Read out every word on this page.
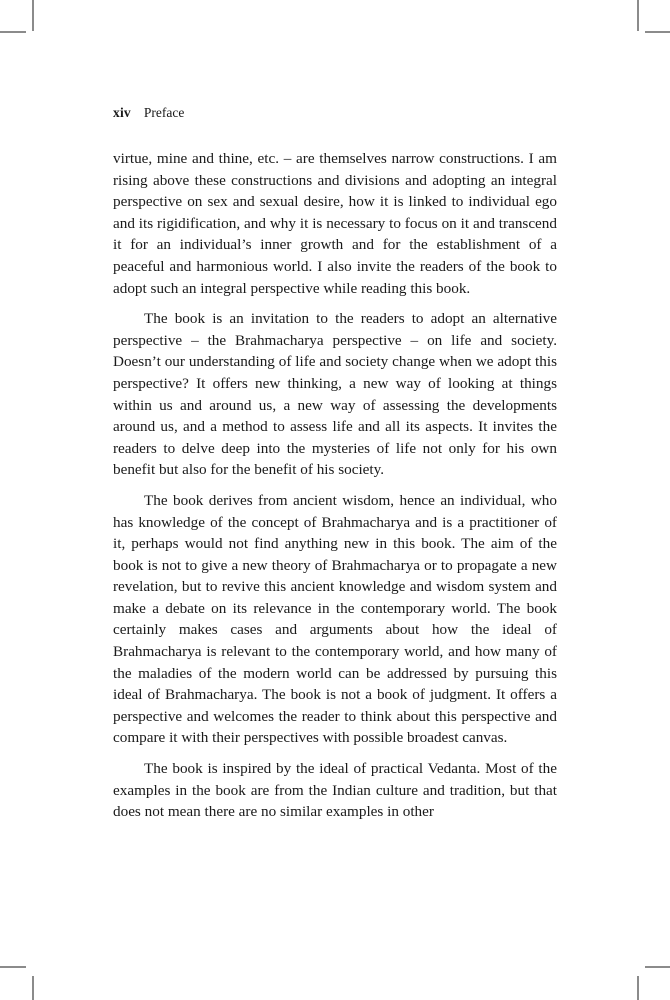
xiv Preface

virtue, mine and thine, etc. – are themselves narrow constructions. I am rising above these constructions and divisions and adopting an integral perspective on sex and sexual desire, how it is linked to individual ego and its rigidification, and why it is necessary to focus on it and transcend it for an individual’s inner growth and for the establishment of a peaceful and harmonious world. I also invite the readers of the book to adopt such an integral perspective while reading this book.

The book is an invitation to the readers to adopt an alternative perspective – the Brahmacharya perspective – on life and society. Doesn’t our understanding of life and society change when we adopt this perspective? It offers new thinking, a new way of looking at things within us and around us, a new way of assessing the developments around us, and a method to assess life and all its aspects. It invites the readers to delve deep into the mysteries of life not only for his own benefit but also for the benefit of his society.

The book derives from ancient wisdom, hence an individual, who has knowledge of the concept of Brahmacharya and is a practitioner of it, perhaps would not find anything new in this book. The aim of the book is not to give a new theory of Brahmacharya or to propagate a new revelation, but to revive this ancient knowledge and wisdom system and make a debate on its relevance in the contemporary world. The book certainly makes cases and arguments about how the ideal of Brahmacharya is relevant to the contemporary world, and how many of the maladies of the modern world can be addressed by pursuing this ideal of Brahmacharya. The book is not a book of judgment. It offers a perspective and welcomes the reader to think about this perspective and compare it with their perspectives with possible broadest canvas.

The book is inspired by the ideal of practical Vedanta. Most of the examples in the book are from the Indian culture and tradition, but that does not mean there are no similar examples in other
